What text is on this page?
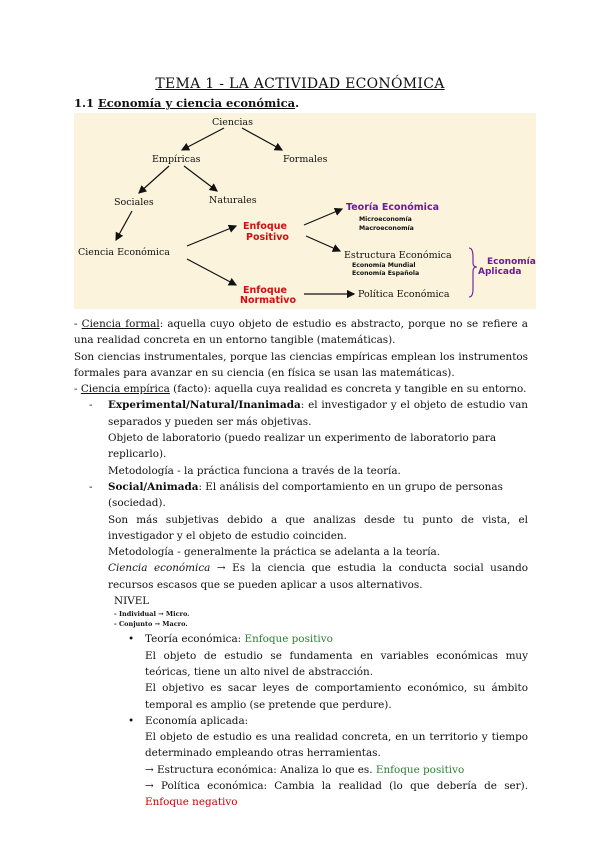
TEMA 1 - LA ACTIVIDAD ECONÓMICA
1.1 Economía y ciencia económica.
Ciencias
Empíricas	Formales
Sociales	Naturales
Ciencia Económica	Estructura Económica
Política Económica
Enfoque
Positivo
Enfoque
Normativo
Teoría Económica
Economía
Aplicada
Microeconomía
Macroeconomía
Economía Mundial
Economía Española

- Ciencia formal: aquella cuyo objeto de estudio es abstracto, porque no se refiere a una realidad concreta en un entorno tangible (matemáticas).

Son ciencias instrumentales, porque las ciencias empíricas emplean los instrumentos formales para avanzar en su ciencia (en física se usan las matemáticas).

- Ciencia empírica (facto): aquella cuya realidad es concreta y tangible en su entorno.

- Experimental/Natural/Inanimada: el investigador y el objeto de estudio van separados y pueden ser más objetivas.

Objeto de laboratorio (puedo realizar un experimento de laboratorio para replicarlo).

Metodología - la práctica funciona a través de la teoría.

- Social/Animada: El análisis del comportamiento en un grupo de personas (sociedad).

Son más subjetivas debido a que analizas desde tu punto de vista, el investigador y el objeto de estudio coinciden.

Metodología - generalmente la práctica se adelanta a la teoría.

Ciencia económica → Es la ciencia que estudia la conducta social usando recursos escasos que se pueden aplicar a usos alternativos.

NIVEL

- Individual → Micro.

- Conjunto → Macro.

• Teoría económica: Enfoque positivo

El objeto de estudio se fundamenta en variables económicas muy teóricas, tiene un alto nivel de abstracción.

El objetivo es sacar leyes de comportamiento económico, su ámbito temporal es amplio (se pretende que perdure).

• Economía aplicada:

El objeto de estudio es una realidad concreta, en un territorio y tiempo determinado empleando otras herramientas.

→ Estructura económica: Analiza lo que es. Enfoque positivo

→ Política económica: Cambia la realidad (lo que debería de ser). Enfoque negativo
